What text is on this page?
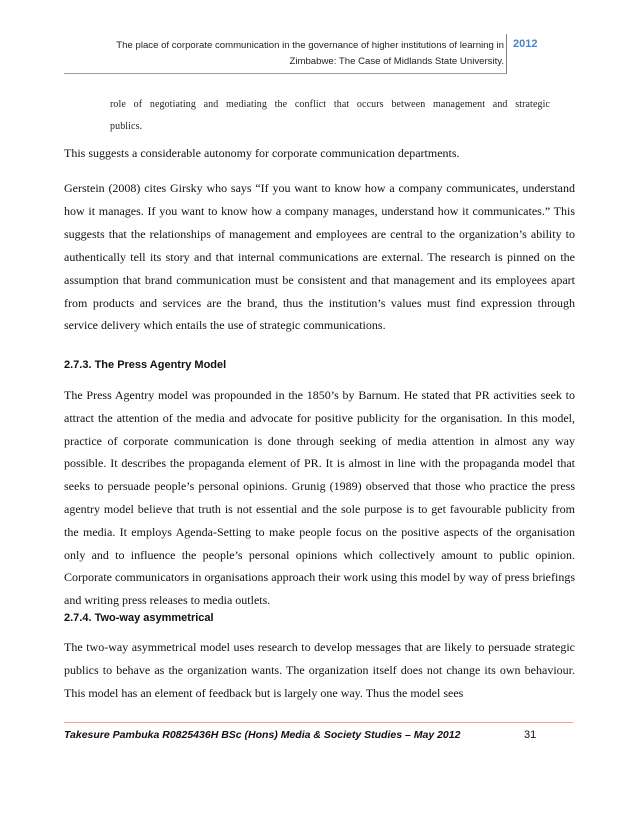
The place of corporate communication in the governance of higher institutions of learning in
Zimbabwe: The Case of Midlands State University.
2012

role of negotiating and mediating the conflict that occurs between management and strategic

publics.

This suggests a considerable autonomy for corporate communication departments.

Gerstein (2008) cites Girsky who says “If you want to know how a company communicates, understand how it manages. If you want to know how a company manages, understand how it communicates.” This suggests that the relationships of management and employees are central to the organization’s ability to authentically tell its story and that internal communications are external. The research is pinned on the assumption that brand communication must be consistent and that management and its employees apart from products and services are the brand, thus the institution’s values must find expression through service delivery which entails the use of strategic communications.

2.7.3. The Press Agentry Model

The Press Agentry model was propounded in the 1850’s by Barnum. He stated that PR activities seek to attract the attention of the media and advocate for positive publicity for the organisation. In this model, practice of corporate communication is done through seeking of media attention in almost any way possible. It describes the propaganda element of PR. It is almost in line with the propaganda model that seeks to persuade people’s personal opinions. Grunig (1989) observed that those who practice the press agentry model believe that truth is not essential and the sole purpose is to get favourable publicity from the media. It employs Agenda-Setting to make people focus on the positive aspects of the organisation only and to influence the people’s personal opinions which collectively amount to public opinion. Corporate communicators in organisations approach their work using this model by way of press briefings and writing press releases to media outlets.

2.7.4. Two-way asymmetrical

The two-way asymmetrical model uses research to develop messages that are likely to persuade strategic publics to behave as the organization wants. The organization itself does not change its own behaviour. This model has an element of feedback but is largely one way. Thus the model sees

Takesure Pambuka R0825436H BSc (Hons) Media & Society Studies – May 2012	31
